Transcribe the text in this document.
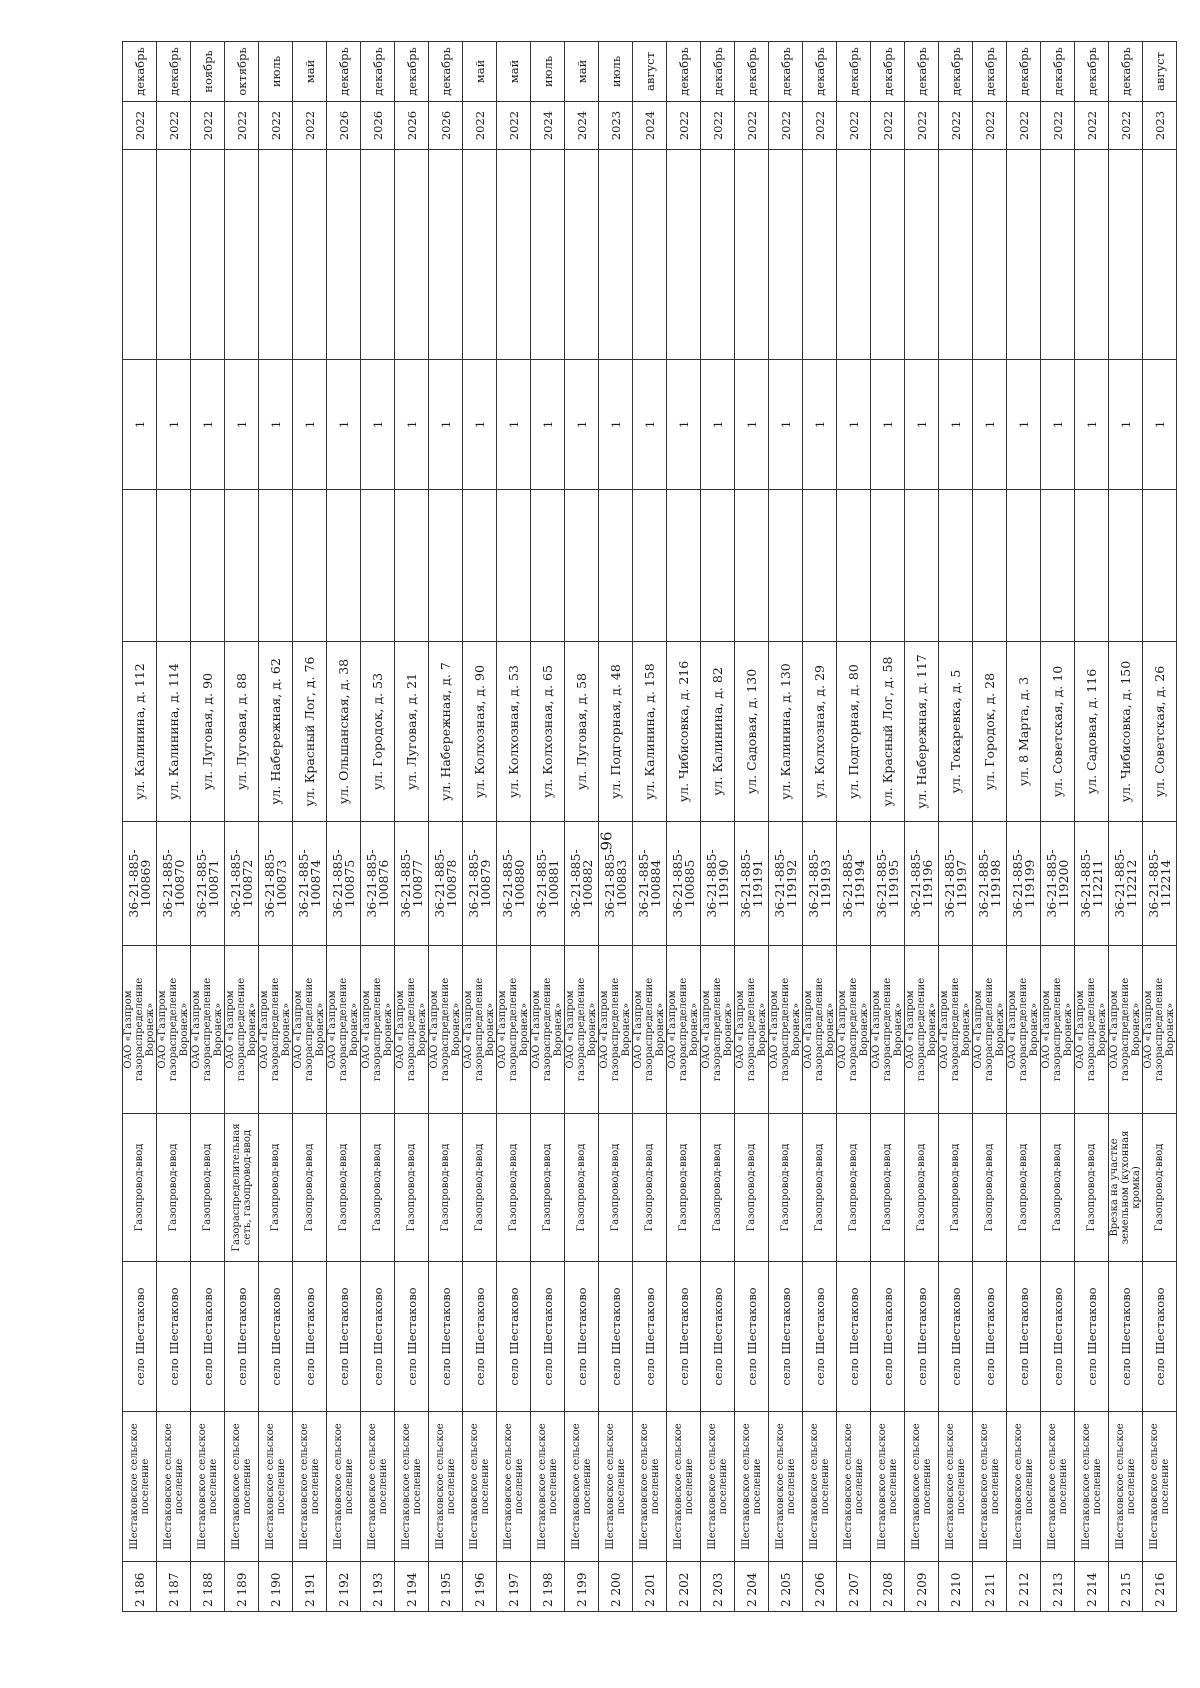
96
2 186	Шестаковское сельское поселение	село Шестаково	Газопровод-ввод	ОАО «Газпром газораспределение Воронеж»	36-21-885-100869	ул. Калинина, д. 112		1		2022	декабрь
2 187	Шестаковское сельское поселение	село Шестаково	Газопровод-ввод	ОАО «Газпром газораспределение Воронеж»	36-21-885-100870	ул. Калинина, д. 114		1		2022	декабрь
2 188	Шестаковское сельское поселение	село Шестаково	Газопровод-ввод	ОАО «Газпром газораспределение Воронеж»	36-21-885-100871	ул. Луговая, д. 90		1		2022	ноябрь
2 189	Шестаковское сельское поселение	село Шестаково	Газораспределительная сеть, газопровод-ввод	ОАО «Газпром газораспределение Воронеж»	36-21-885-100872	ул. Луговая, д. 88		1		2022	октябрь
2 190	Шестаковское сельское поселение	село Шестаково	Газопровод-ввод	ОАО «Газпром газораспределение Воронеж»	36-21-885-100873	ул. Набережная, д. 62		1		2022	июль
2 191	Шестаковское сельское поселение	село Шестаково	Газопровод-ввод	ОАО «Газпром газораспределение Воронеж»	36-21-885-100874	ул. Красный Лог, д. 76		1		2022	май
2 192	Шестаковское сельское поселение	село Шестаково	Газопровод-ввод	ОАО «Газпром газораспределение Воронеж»	36-21-885-100875	ул. Ольшанская, д. 38		1		2026	декабрь
2 193	Шестаковское сельское поселение	село Шестаково	Газопровод-ввод	ОАО «Газпром газораспределение Воронеж»	36-21-885-100876	ул. Городок, д. 53		1		2026	декабрь
2 194	Шестаковское сельское поселение	село Шестаково	Газопровод-ввод	ОАО «Газпром газораспределение Воронеж»	36-21-885-100877	ул. Луговая, д. 21		1		2026	декабрь
2 195	Шестаковское сельское поселение	село Шестаково	Газопровод-ввод	ОАО «Газпром газораспределение Воронеж»	36-21-885-100878	ул. Набережная, д. 7		1		2026	декабрь
2 196	Шестаковское сельское поселение	село Шестаково	Газопровод-ввод	ОАО «Газпром газораспределение Воронеж»	36-21-885-100879	ул. Колхозная, д. 90		1		2022	май
2 197	Шестаковское сельское поселение	село Шестаково	Газопровод-ввод	ОАО «Газпром газораспределение Воронеж»	36-21-885-100880	ул. Колхозная, д. 53		1		2022	май
2 198	Шестаковское сельское поселение	село Шестаково	Газопровод-ввод	ОАО «Газпром газораспределение Воронеж»	36-21-885-100881	ул. Колхозная, д. 65		1		2024	июль
2 199	Шестаковское сельское поселение	село Шестаково	Газопровод-ввод	ОАО «Газпром газораспределение Воронеж»	36-21-885-100882	ул. Луговая, д. 58		1		2024	май
2 200	Шестаковское сельское поселение	село Шестаково	Газопровод-ввод	ОАО «Газпром газораспределение Воронеж»	36-21-885-100883	ул. Подгорная, д. 48		1		2023	июль
2 201	Шестаковское сельское поселение	село Шестаково	Газопровод-ввод	ОАО «Газпром газораспределение Воронеж»	36-21-885-100884	ул. Калинина, д. 158		1		2024	август
2 202	Шестаковское сельское поселение	село Шестаково	Газопровод-ввод	ОАО «Газпром газораспределение Воронеж»	36-21-885-100885	ул. Чибисовка, д. 216		1		2022	декабрь
2 203	Шестаковское сельское поселение	село Шестаково	Газопровод-ввод	ОАО «Газпром газораспределение Воронеж»	36-21-885-119190	ул. Калинина, д. 82		1		2022	декабрь
2 204	Шестаковское сельское поселение	село Шестаково	Газопровод-ввод	ОАО «Газпром газораспределение Воронеж»	36-21-885-119191	ул. Садовая, д. 130		1		2022	декабрь
2 205	Шестаковское сельское поселение	село Шестаково	Газопровод-ввод	ОАО «Газпром газораспределение Воронеж»	36-21-885-119192	ул. Калинина, д. 130		1		2022	декабрь
2 206	Шестаковское сельское поселение	село Шестаково	Газопровод-ввод	ОАО «Газпром газораспределение Воронеж»	36-21-885-119193	ул. Колхозная, д. 29		1		2022	декабрь
2 207	Шестаковское сельское поселение	село Шестаково	Газопровод-ввод	ОАО «Газпром газораспределение Воронеж»	36-21-885-119194	ул. Подгорная, д. 80		1		2022	декабрь
2 208	Шестаковское сельское поселение	село Шестаково	Газопровод-ввод	ОАО «Газпром газораспределение Воронеж»	36-21-885-119195	ул. Красный Лог, д. 58		1		2022	декабрь
2 209	Шестаковское сельское поселение	село Шестаково	Газопровод-ввод	ОАО «Газпром газораспределение Воронеж»	36-21-885-119196	ул. Набережная, д. 117		1		2022	декабрь
2 210	Шестаковское сельское поселение	село Шестаково	Газопровод-ввод	ОАО «Газпром газораспределение Воронеж»	36-21-885-119197	ул. Токаревка, д. 5		1		2022	декабрь
2 211	Шестаковское сельское поселение	село Шестаково	Газопровод-ввод	ОАО «Газпром газораспределение Воронеж»	36-21-885-119198	ул. Городок, д. 28		1		2022	декабрь
2 212	Шестаковское сельское поселение	село Шестаково	Газопровод-ввод	ОАО «Газпром газораспределение Воронеж»	36-21-885-119199	ул. 8 Марта, д. 3		1		2022	декабрь
2 213	Шестаковское сельское поселение	село Шестаково	Газопровод-ввод	ОАО «Газпром газораспределение Воронеж»	36-21-885-119200	ул. Советская, д. 10		1		2022	декабрь
2 214	Шестаковское сельское поселение	село Шестаково	Газопровод-ввод	ОАО «Газпром газораспределение Воронеж»	36-21-885-112211	ул. Садовая, д. 116		1		2022	декабрь
2 215	Шестаковское сельское поселение	село Шестаково	Врезка на участке земельном (кухонная кромка)	ОАО «Газпром газораспределение Воронеж»	36-21-885-112212	ул. Чибисовка, д. 150		1		2022	декабрь
2 216	Шестаковское сельское поселение	село Шестаково	Газопровод-ввод	ОАО «Газпром газораспределение Воронеж»	36-21-885-112214	ул. Советская, д. 26		1		2023	август
